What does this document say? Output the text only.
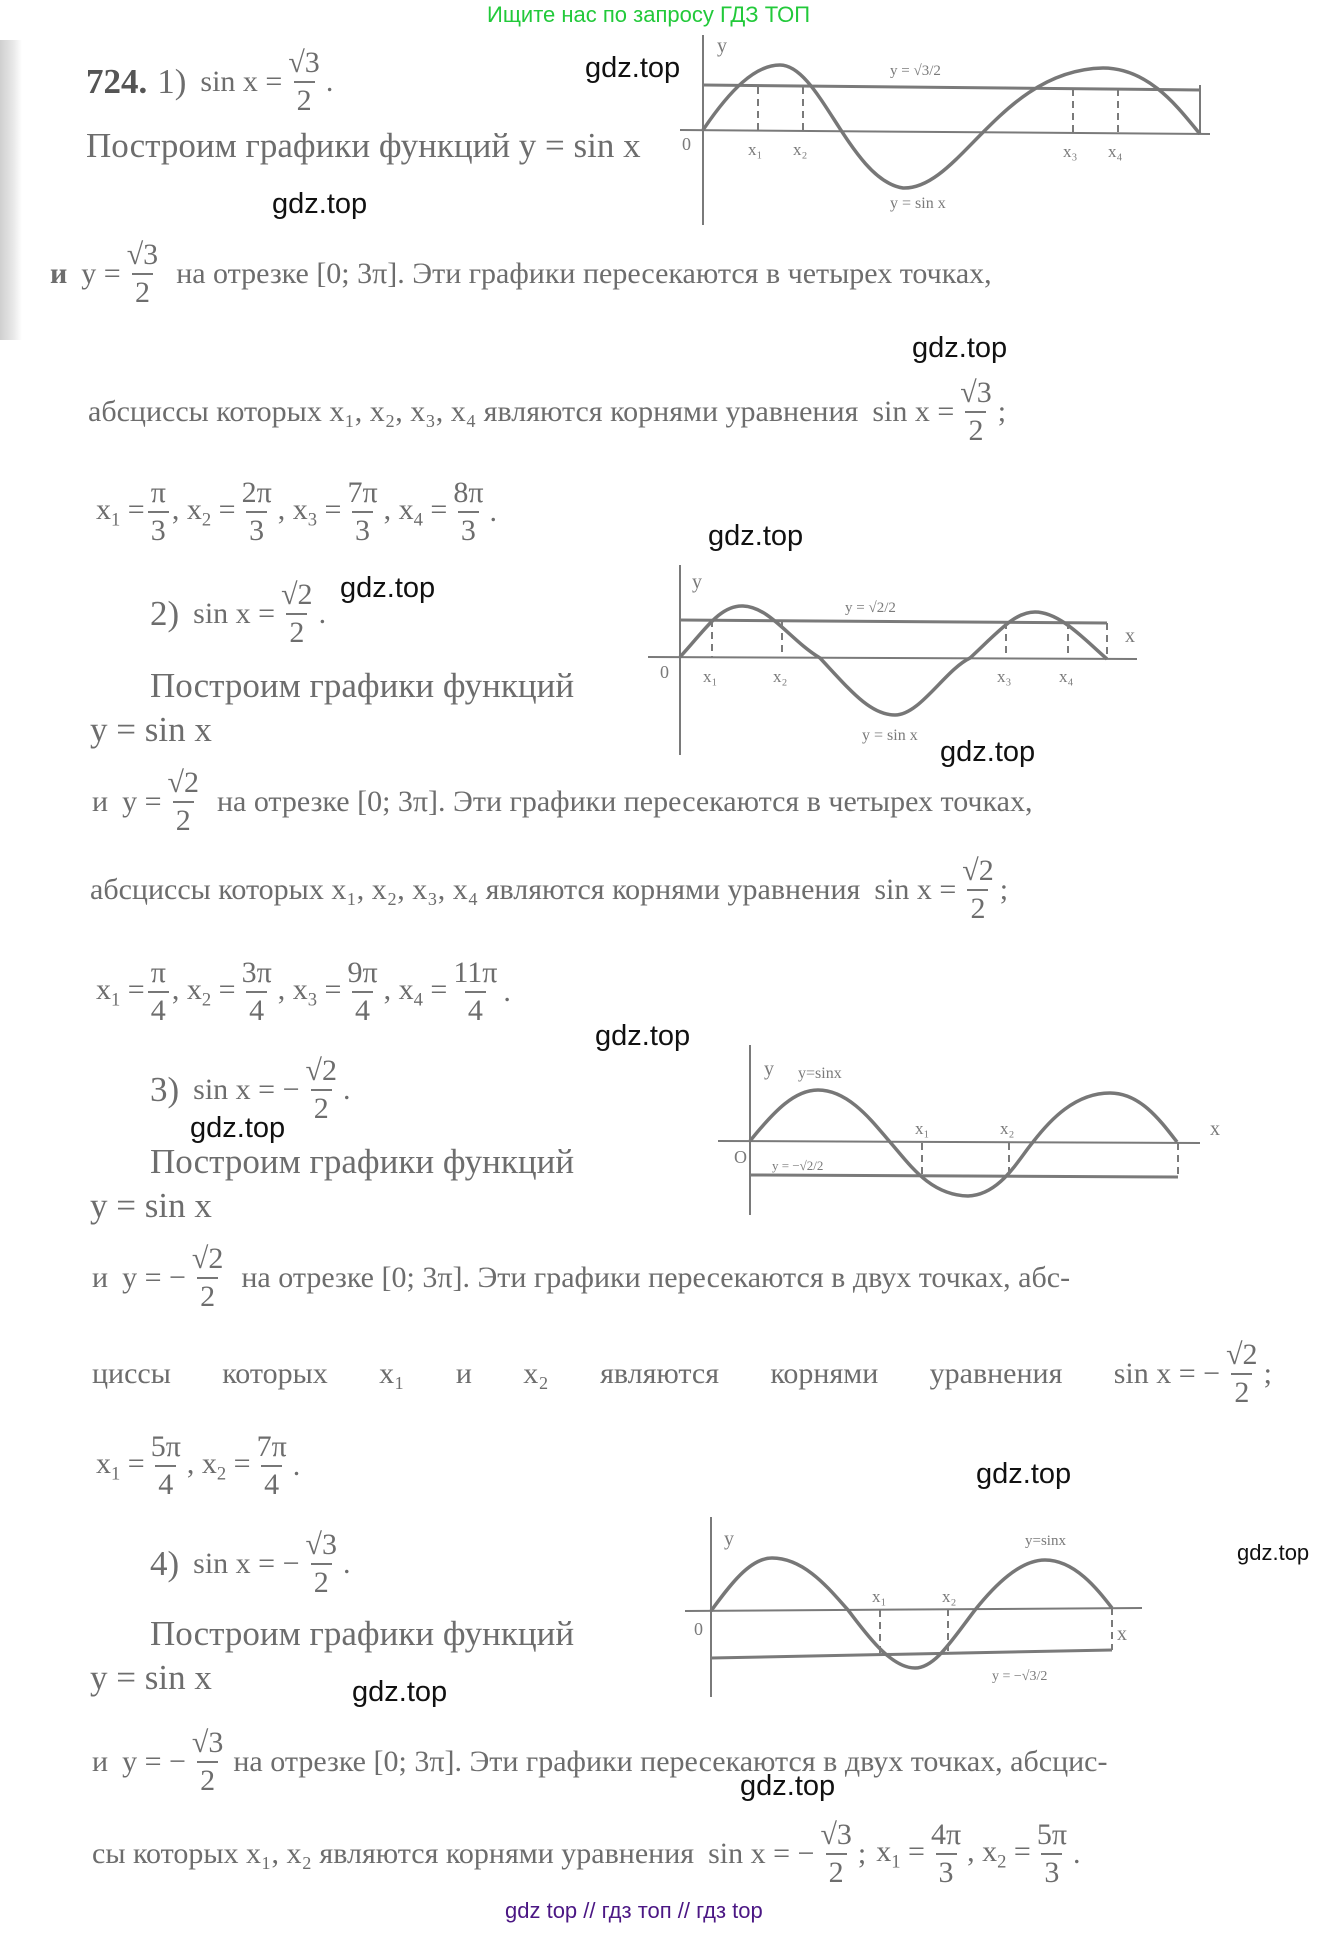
Ищите нас по запросу ГДЗ ТОП
724. 1) $\sin x = \frac{√3}{2}$ .	gdz.top
Построим графики функций y = sin x
gdz.top
y
0	x₁ x₂	x₃ x₄
y = √3/2
y = sin x
и $y = \frac{√3}{2}$ на отрезке [0; 3π]. Эти графики пересекаются в четырех точках,
gdz.top
абсциссы которых x₁, x₂, x₃, x₄ являются корнями уравнения $\sin x = \frac{√3}{2}$ ;
$x_1 = \frac{\pi}{3}$ , $x_2 = \frac{2\pi}{3}$ , $x_3 = \frac{7\pi}{3}$ , $x_4 = \frac{8\pi}{3}$ .
gdz.top
2) $\sin x = \frac{√2}{2}$ .
gdz.top
Построим графики функций
y = sin x
y
x
0 x₁	x₂	x₃	x₄
y = √2/2
y = sin x
gdz.top
и $y = \frac{√2}{2}$ на отрезке [0; 3π]. Эти графики пересекаются в четырех точках,
абсциссы которых x₁, x₂, x₃, x₄ являются корнями уравнения $\sin x = \frac{√2}{2}$ ;
$x_1 = \frac{\pi}{4}$ , $x_2 = \frac{3\pi}{4}$ , $x_3 = \frac{9\pi}{4}$ , $x_4 = \frac{11\pi}{4}$ .
gdz.top
3) sin x = − $\frac{√2}{2}$ .
gdz.top
Построим графики функций
y = sin x
y
x
O
y=sinx
x₁	x₂
y = −√2/2
и y = − $\frac{√2}{2}$ на отрезке [0; 3π]. Эти графики пересекаются в двух точках, абс-
циссы которых x₁ и x₂ являются корнями уравнения sin x = − $\frac{√2}{2}$ ;
$x_1 = \frac{5\pi}{4}$ , $x_2 = \frac{7\pi}{4}$ .	gdz.top
4) sin x = − $\frac{√3}{2}$ .
Построим графики функций
y = sin x	gdz.top
y
x
0
y=sinx
x₁	x₂
y = −√3/2
gdz.top
и y = − $\frac{√3}{2}$ на отрезке [0; 3π]. Эти графики пересекаются в двух точках, абсцис-
gdz.top
сы которых x₁, x₂ являются корнями уравнения sin x = − $\frac{√3}{2}$ ; $x_1 = \frac{4\pi}{3}$ , $x_2 = \frac{5\pi}{3}$ .
gdz top // гдз топ // гдз top
